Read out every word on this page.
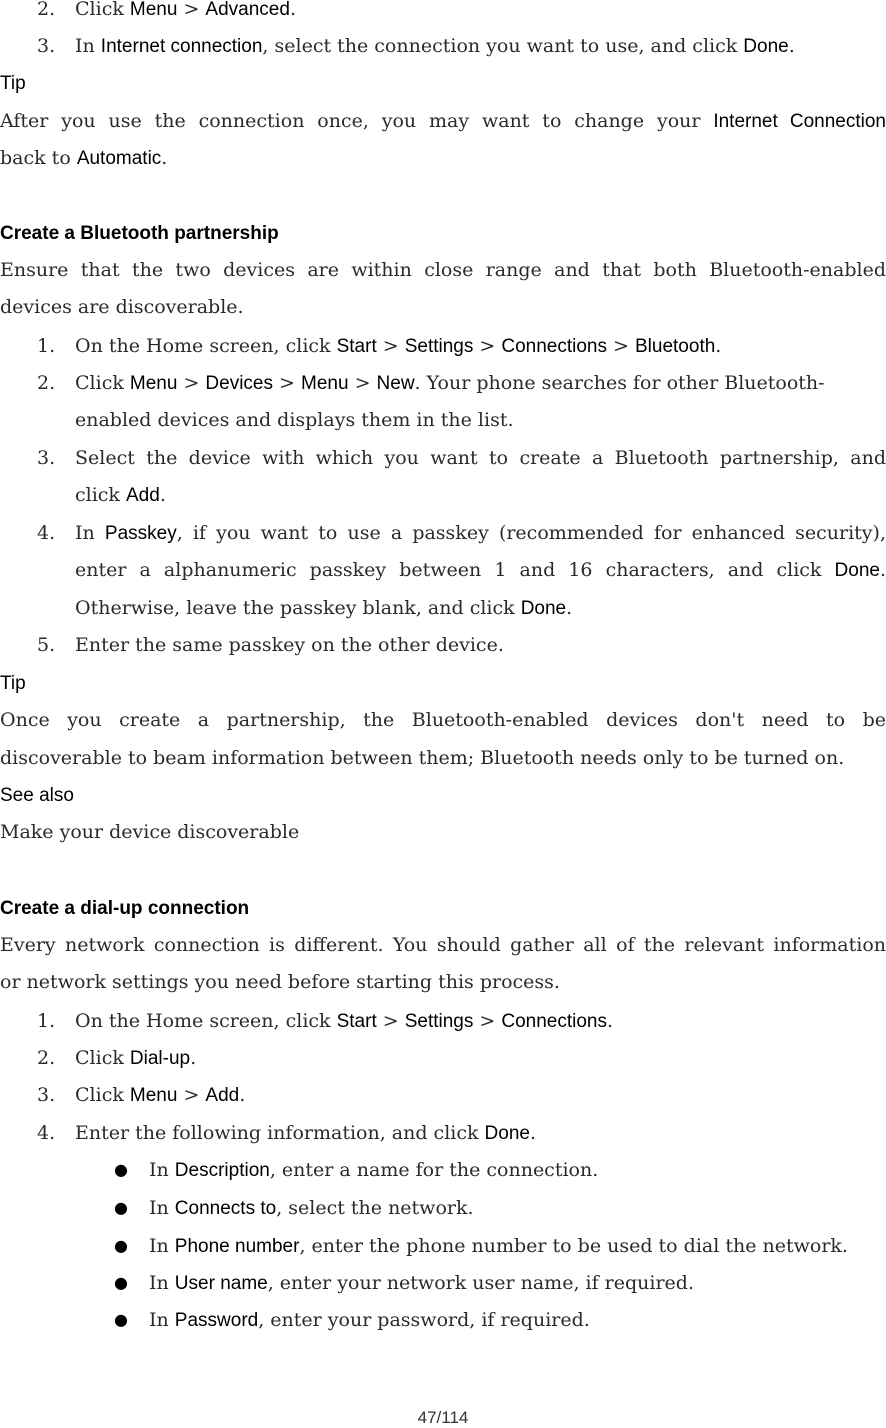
2. Click Menu > Advanced.
3. In Internet connection, select the connection you want to use, and click Done.
Tip
After you use the connection once, you may want to change your Internet Connection
back to Automatic.
Create a Bluetooth partnership
Ensure that the two devices are within close range and that both Bluetooth-enabled
devices are discoverable.
1. On the Home screen, click Start > Settings > Connections > Bluetooth.
2. Click Menu > Devices > Menu > New. Your phone searches for other Bluetooth-
enabled devices and displays them in the list.
3. Select the device with which you want to create a Bluetooth partnership, and
click Add.
4. In Passkey, if you want to use a passkey (recommended for enhanced security),
enter a alphanumeric passkey between 1 and 16 characters, and click Done.
Otherwise, leave the passkey blank, and click Done.
5. Enter the same passkey on the other device.
Tip
Once you create a partnership, the Bluetooth-enabled devices don't need to be
discoverable to beam information between them; Bluetooth needs only to be turned on.
See also
Make your device discoverable
Create a dial-up connection
Every network connection is different. You should gather all of the relevant information
or network settings you need before starting this process.
1. On the Home screen, click Start > Settings > Connections.
2. Click Dial-up.
3. Click Menu > Add.
4. Enter the following information, and click Done.
● In Description, enter a name for the connection.
● In Connects to, select the network.
● In Phone number, enter the phone number to be used to dial the network.
● In User name, enter your network user name, if required.
● In Password, enter your password, if required.
47/114
